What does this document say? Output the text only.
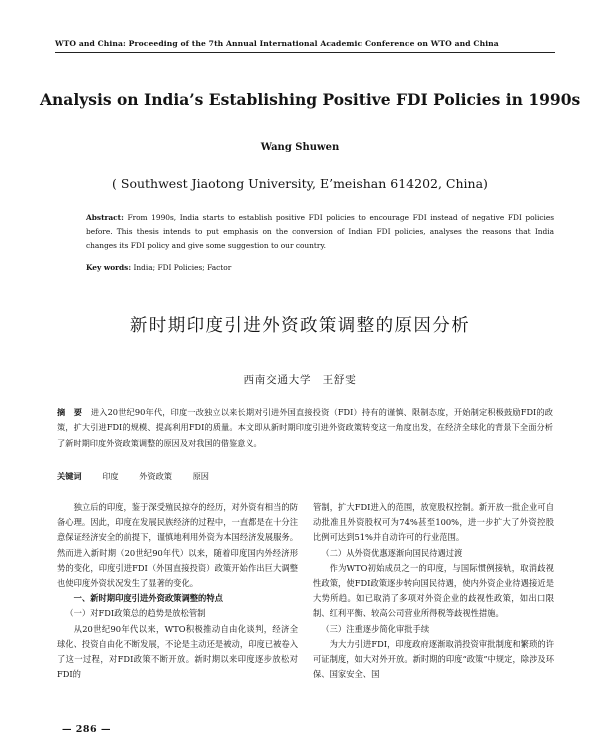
WTO and China: Proceeding of the 7th Annual International Academic Conference on WTO and China
Analysis on India’s Establishing Positive FDI Policies in 1990s
Wang Shuwen
( Southwest Jiaotong University, E’meishan 614202, China)
Abstract: From 1990s, India starts to establish positive FDI policies to encourage FDI instead of negative FDI policies before. This thesis intends to put emphasis on the conversion of Indian FDI policies, analyses the reasons that India changes its FDI policy and give some suggestion to our country.
Key words: India; FDI Policies; Factor
新时期印度引进外资政策调整的原因分析
西南交通大学　王舒雯
摘　要 进入20世纪90年代，印度一改独立以来长期对引进外国直接投资（FDI）持有的谨慎、限制态度，开始制定积极鼓励FDI的政策，扩大引进FDI的规模、提高利用FDI的质量。本文即从新时期印度引进外资政策转变这一角度出发，在经济全球化的背景下全面分析了新时期印度外资政策调整的原因及对我国的借鉴意义。
关键词	印度	外资政策	原因

独立后的印度，鉴于深受殖民掠夺的经历，对外资有相当的防备心理。因此，印度在发展民族经济的过程中，一直都是在十分注意保证经济安全的前提下，谨慎地利用外资为本国经济发展服务。然而进入新时期（20世纪90年代）以来，随着印度国内外经济形势的变化，印度引进FDI（外国直接投资）政策开始作出巨大调整也使印度外资状况发生了显著的变化。

一、新时期印度引进外资政策调整的特点

（一）对FDI政策总的趋势是放松管制

从20世纪90年代以来，WTO积极推动自由化谈判，经济全球化、投资自由化不断发展，不论是主动还是被动，印度已被卷入了这一过程，对FDI政策不断开放。新时期以来印度逐步放松对FDI的

管制，扩大FDI进入的范围，放宽股权控制。新开放一批企业可自动批准且外资股权可为74%甚至100%，进一步扩大了外资控股比例可达到51%并自动许可的行业范围。

（二）从外资优惠逐渐向国民待遇过渡

作为WTO初始成员之一的印度，与国际惯例接轨，取消歧视性政策，使FDI政策逐步转向国民待遇，使内外资企业待遇接近是大势所趋。如已取消了多项对外资企业的歧视性政策，如出口限制、红利平衡、较高公司营业所得税等歧视性措施。

（三）注重逐步简化审批手续

为大力引进FDI，印度政府逐渐取消投资审批制度和繁琐的许可证制度，如大对外开放。新时期的印度“政策”中规定，除涉及环保、国家安全、国

— 286 —
